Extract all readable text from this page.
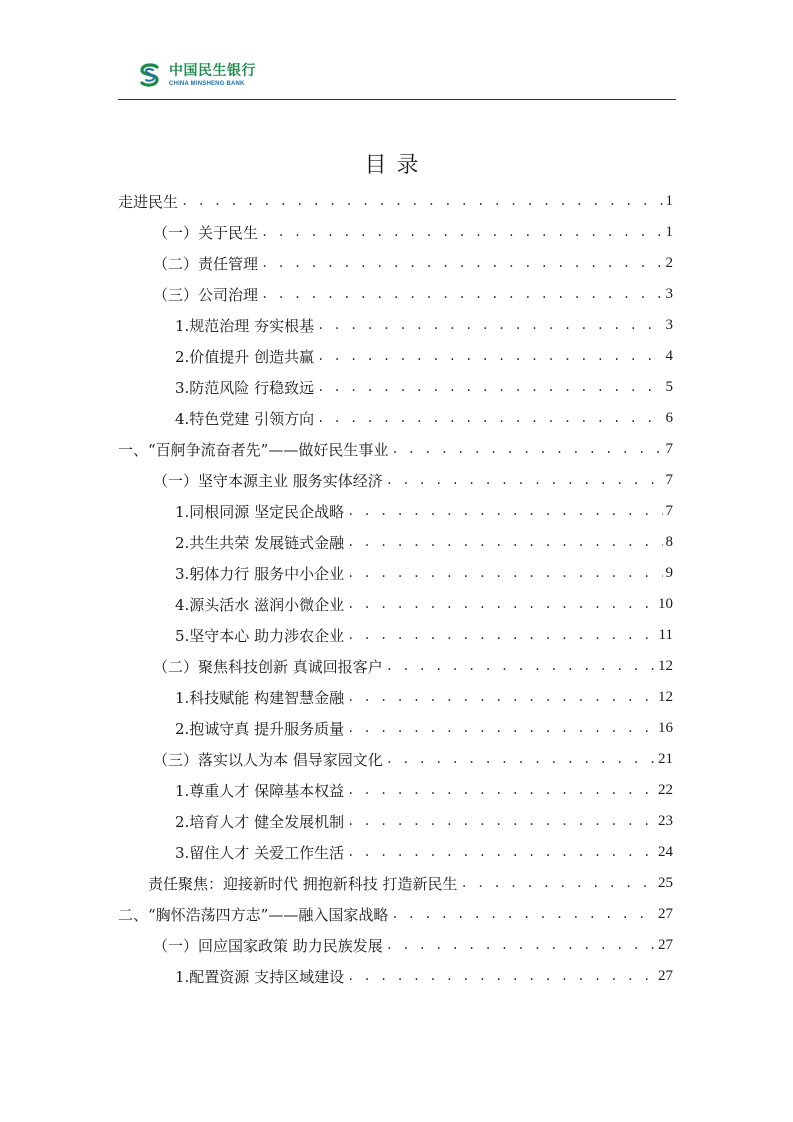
中国民生银行
CHINA MINSHENG BANK
目录
走进民生 . . .	1
（一）关于民生 . . .	1
（二）责任管理 . . .	2
（三）公司治理 . . .	3
1.规范治理 夯实根基 . . .	3
2.价值提升 创造共赢 . . .	4
3.防范风险 行稳致远 . . .	5
4.特色党建 引领方向 . . .	6
一、“百舸争流奋者先”——做好民生事业 . . .	7
（一）坚守本源主业 服务实体经济 . . .	7
1.同根同源 坚定民企战略 . . .	7
2.共生共荣 发展链式金融 . . .	8
3.躬体力行 服务中小企业 . . .	9
4.源头活水 滋润小微企业 . . .	10
5.坚守本心 助力涉农企业 . . .	11
（二）聚焦科技创新 真诚回报客户 . . .	12
1.科技赋能 构建智慧金融 . . .	12
2.抱诚守真 提升服务质量 . . .	16
（三）落实以人为本 倡导家园文化 . . .	21
1.尊重人才 保障基本权益 . . .	22
2.培育人才 健全发展机制 . . .	23
3.留住人才 关爱工作生活 . . .	24
责任聚焦：迎接新时代 拥抱新科技 打造新民生 . . .	25
二、“胸怀浩荡四方志”——融入国家战略 . . .	27
（一）回应国家政策 助力民族发展 . . .	27
1.配置资源 支持区域建设 . . .	27
